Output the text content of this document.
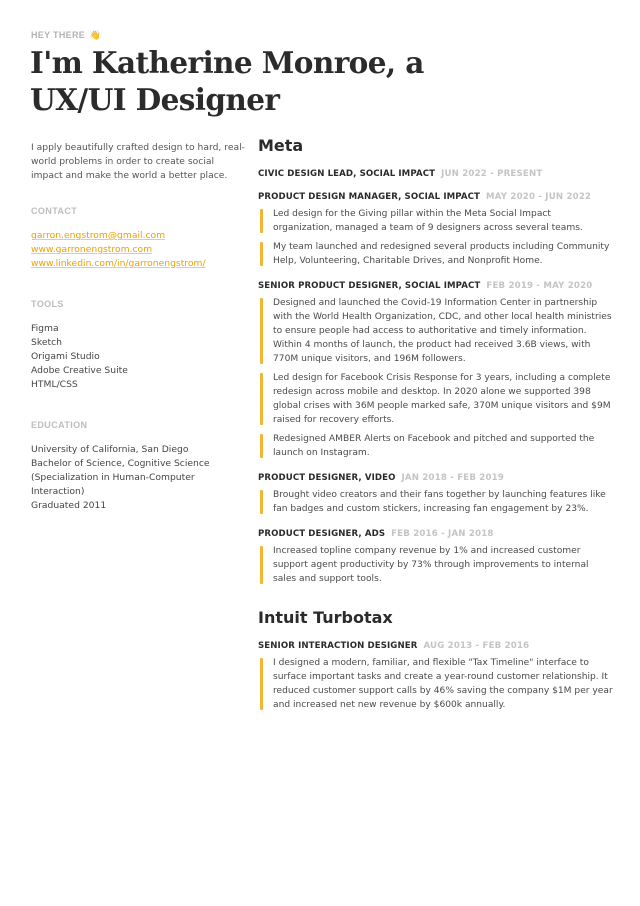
HEY THERE 👋
I'm Katherine Monroe, a UX/UI Designer

I apply beautifully crafted design to hard, real-world problems in order to create social impact and make the world a better place.

CONTACT
garron.engstrom@gmail.com
www.garronengstrom.com
www.linkedin.com/in/garronengstrom/
TOOLS
Figma
Sketch
Origami Studio
Adobe Creative Suite
HTML/CSS
EDUCATION
University of California, San Diego
Bachelor of Science, Cognitive Science
(Specialization in Human-Computer
Interaction)
Graduated 2011
Meta
CIVIC DESIGN LEAD, SOCIAL IMPACT JUN 2022 - PRESENT
PRODUCT DESIGN MANAGER, SOCIAL IMPACT MAY 2020 - JUN 2022

Led design for the Giving pillar within the Meta Social Impact organization, managed a team of 9 designers across several teams.

My team launched and redesigned several products including Community Help, Volunteering, Charitable Drives, and Nonprofit Home.

SENIOR PRODUCT DESIGNER, SOCIAL IMPACT FEB 2019 - MAY 2020

Designed and launched the Covid-19 Information Center in partnership with the World Health Organization, CDC, and other local health ministries to ensure people had access to authoritative and timely information. Within 4 months of launch, the product had received 3.6B views, with 770M unique visitors, and 196M followers.

Led design for Facebook Crisis Response for 3 years, including a complete redesign across mobile and desktop. In 2020 alone we supported 398 global crises with 36M people marked safe, 370M unique visitors and $9M raised for recovery efforts.

Redesigned AMBER Alerts on Facebook and pitched and supported the launch on Instagram.

PRODUCT DESIGNER, VIDEO JAN 2018 - FEB 2019

Brought video creators and their fans together by launching features like fan badges and custom stickers, increasing fan engagement by 23%.

PRODUCT DESIGNER, ADS FEB 2016 - JAN 2018

Increased topline company revenue by 1% and increased customer support agent productivity by 73% through improvements to internal sales and support tools.

Intuit Turbotax
SENIOR INTERACTION DESIGNER AUG 2013 - FEB 2016

I designed a modern, familiar, and flexible "Tax Timeline" interface to surface important tasks and create a year-round customer relationship. It reduced customer support calls by 46% saving the company $1M per year and increased net new revenue by $600k annually.
